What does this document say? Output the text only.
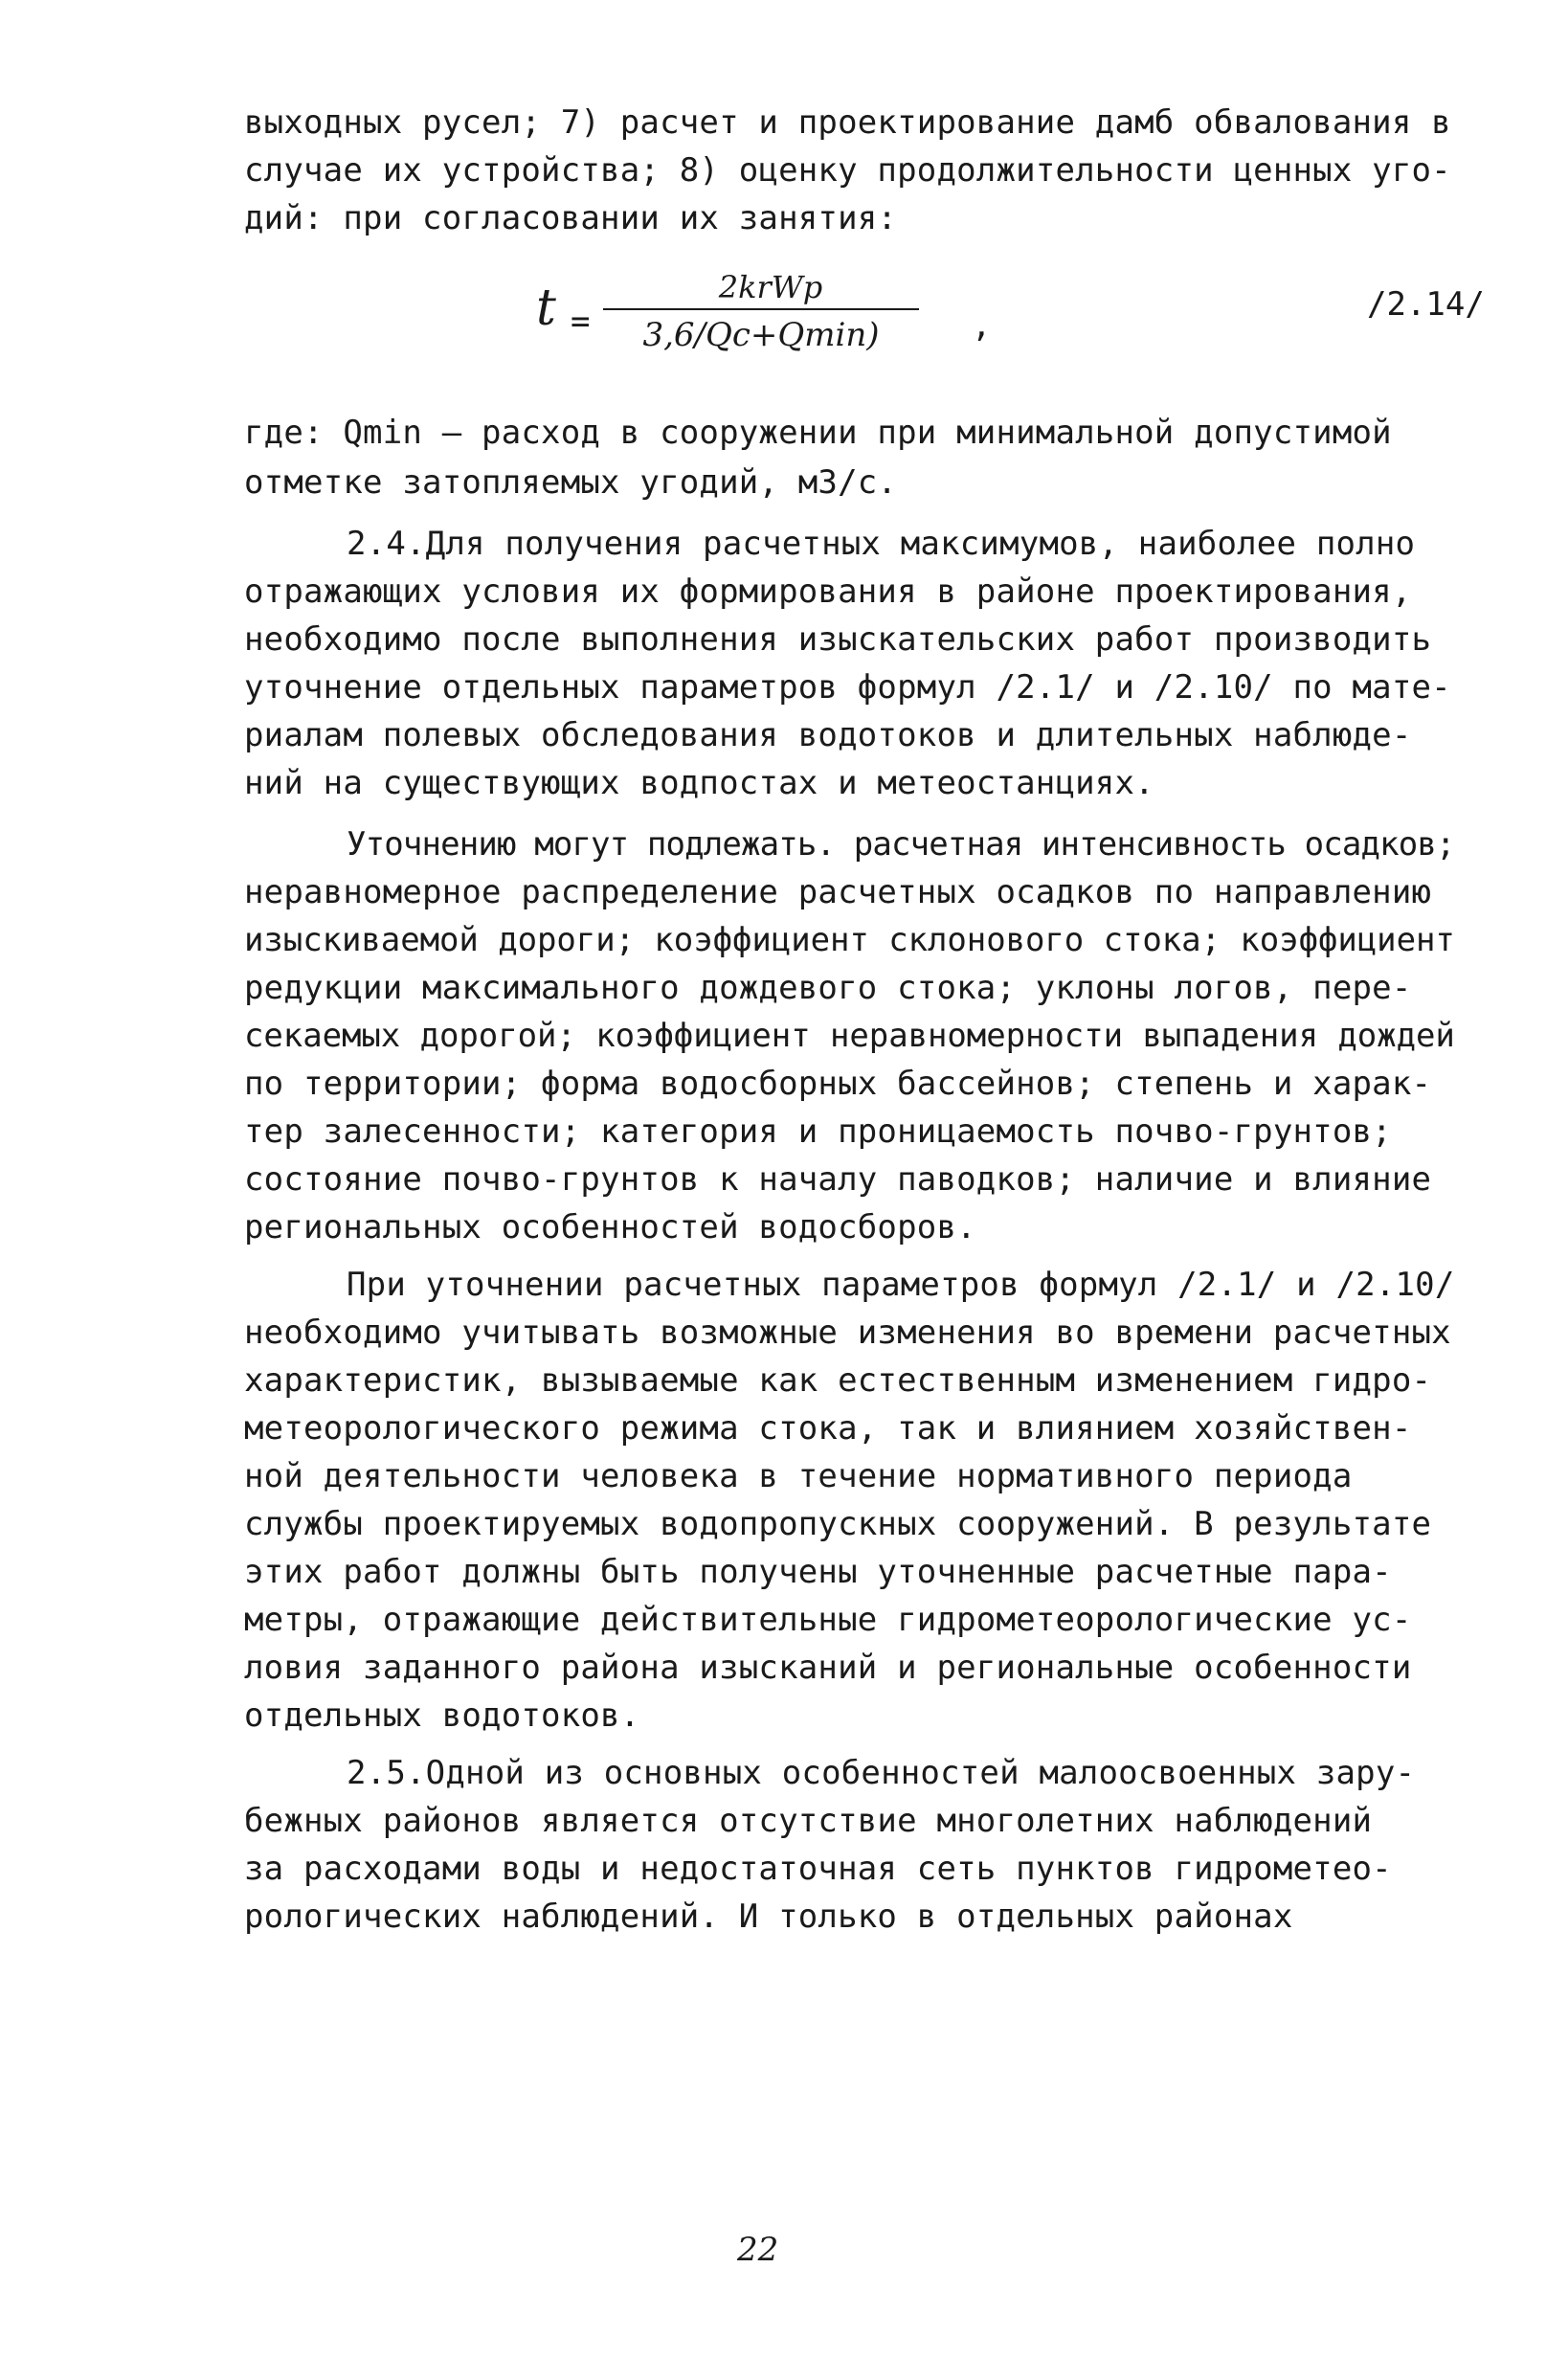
выходных русел; 7) расчет и проектирование дамб обвалования в
случае их устройства; 8) оценку продолжительности ценных уго-
дий: при согласовании их занятия:
t =
2krWp
3,6/Qc+Qmin)	,
/2.14/
где: Qmin – расход в сооружении при минимальной допустимой
отметке затопляемых угодий, м3/с.
2.4.Для получения расчетных максимумов, наиболее полно
отражающих условия их формирования в районе проектирования,
необходимо после выполнения изыскательских работ производить
уточнение отдельных параметров формул /2.1/ и /2.10/ по мате-
риалам полевых обследования водотоков и длительных наблюде-
ний на существующих водпостах и метеостанциях.
Уточнению могут подлежать. расчетная интенсивность осадков;
неравномерное распределение расчетных осадков по направлению
изыскиваемой дороги; коэффициент склонового стока; коэффициент
редукции максимального дождевого стока; уклоны логов, пере-
секаемых дорогой; коэффициент неравномерности выпадения дождей
по территории; форма водосборных бассейнов; степень и харак-
тер залесенности; категория и проницаемость почво-грунтов;
состояние почво-грунтов к началу паводков; наличие и влияние
региональных особенностей водосборов.
При уточнении расчетных параметров формул /2.1/ и /2.10/
необходимо учитывать возможные изменения во времени расчетных
характеристик, вызываемые как естественным изменением гидро-
метеорологического режима стока, так и влиянием хозяйствен-
ной деятельности человека в течение нормативного периода
службы проектируемых водопропускных сооружений. В результате
этих работ должны быть получены уточненные расчетные пара-
метры, отражающие действительные гидрометеорологические ус-
ловия заданного района изысканий и региональные особенности
отдельных водотоков.
2.5.Одной из основных особенностей малоосвоенных зару-
бежных районов является отсутствие многолетних наблюдений
за расходами воды и недостаточная сеть пунктов гидрометео-
рологических наблюдений. И только в отдельных районах
22
